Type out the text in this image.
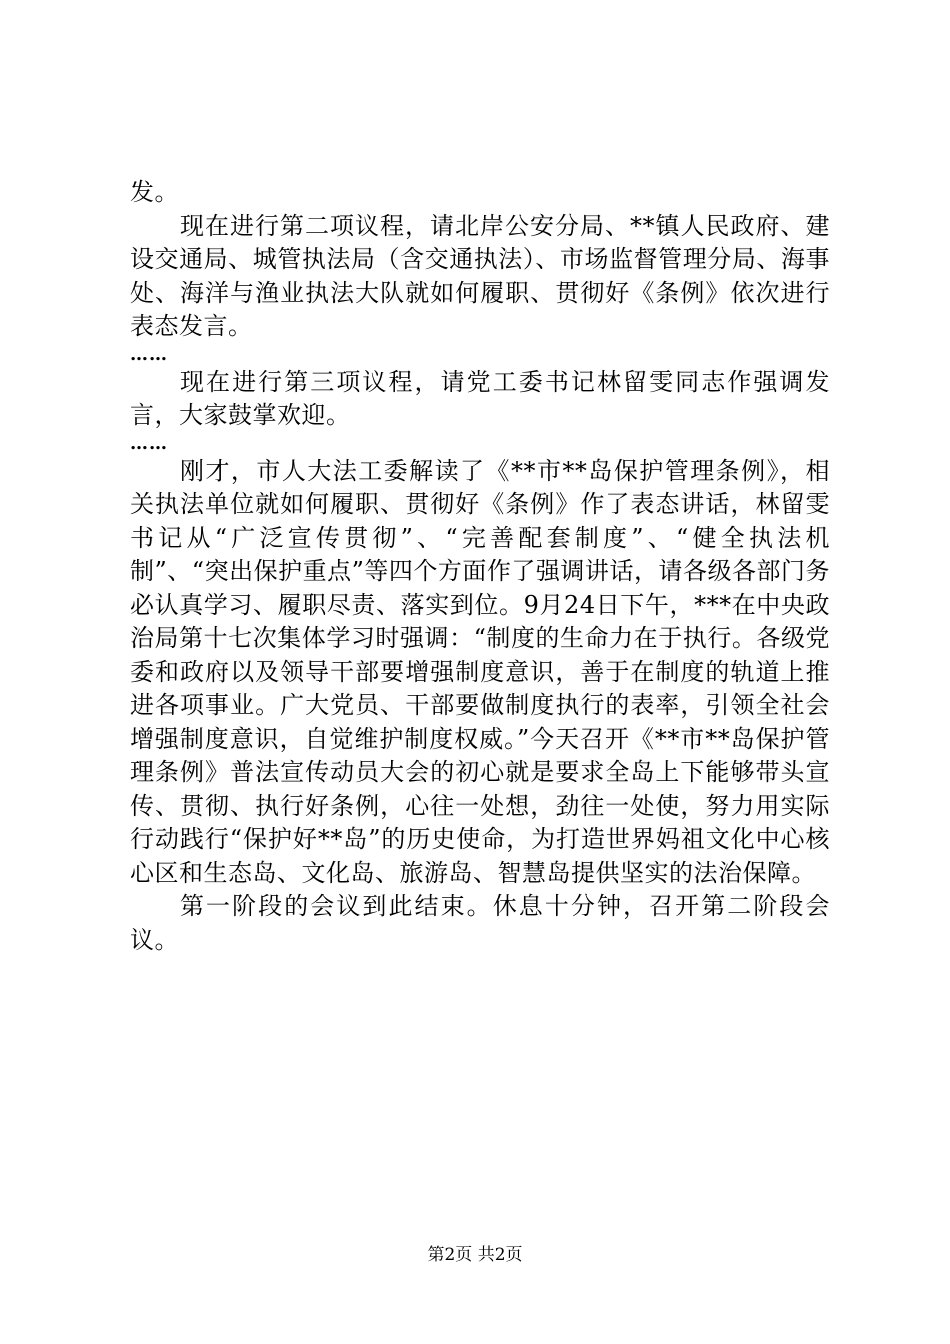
发。

现在进行第二项议程，请北岸公安分局、**镇人民政府、建设交通局、城管执法局（含交通执法）、市场监督管理分局、海事处、海洋与渔业执法大队就如何履职、贯彻好《条例》依次进行表态发言。

……

现在进行第三项议程，请党工委书记林留雯同志作强调发言，大家鼓掌欢迎。

……

刚才，市人大法工委解读了《**市**岛保护管理条例》，相关执法单位就如何履职、贯彻好《条例》作了表态讲话，林留雯书记从“广泛宣传贯彻”、“完善配套制度”、“健全执法机制”、“突出保护重点”等四个方面作了强调讲话，请各级各部门务必认真学习、履职尽责、落实到位。9月24日下午，***在中央政治局第十七次集体学习时强调：“制度的生命力在于执行。各级党委和政府以及领导干部要增强制度意识，善于在制度的轨道上推进各项事业。广大党员、干部要做制度执行的表率，引领全社会增强制度意识，自觉维护制度权威。”今天召开《**市**岛保护管理条例》普法宣传动员大会的初心就是要求全岛上下能够带头宣传、贯彻、执行好条例，心往一处想，劲往一处使，努力用实际行动践行“保护好**岛”的历史使命，为打造世界妈祖文化中心核心区和生态岛、文化岛、旅游岛、智慧岛提供坚实的法治保障。

第一阶段的会议到此结束。休息十分钟，召开第二阶段会议。

第2页 共2页
